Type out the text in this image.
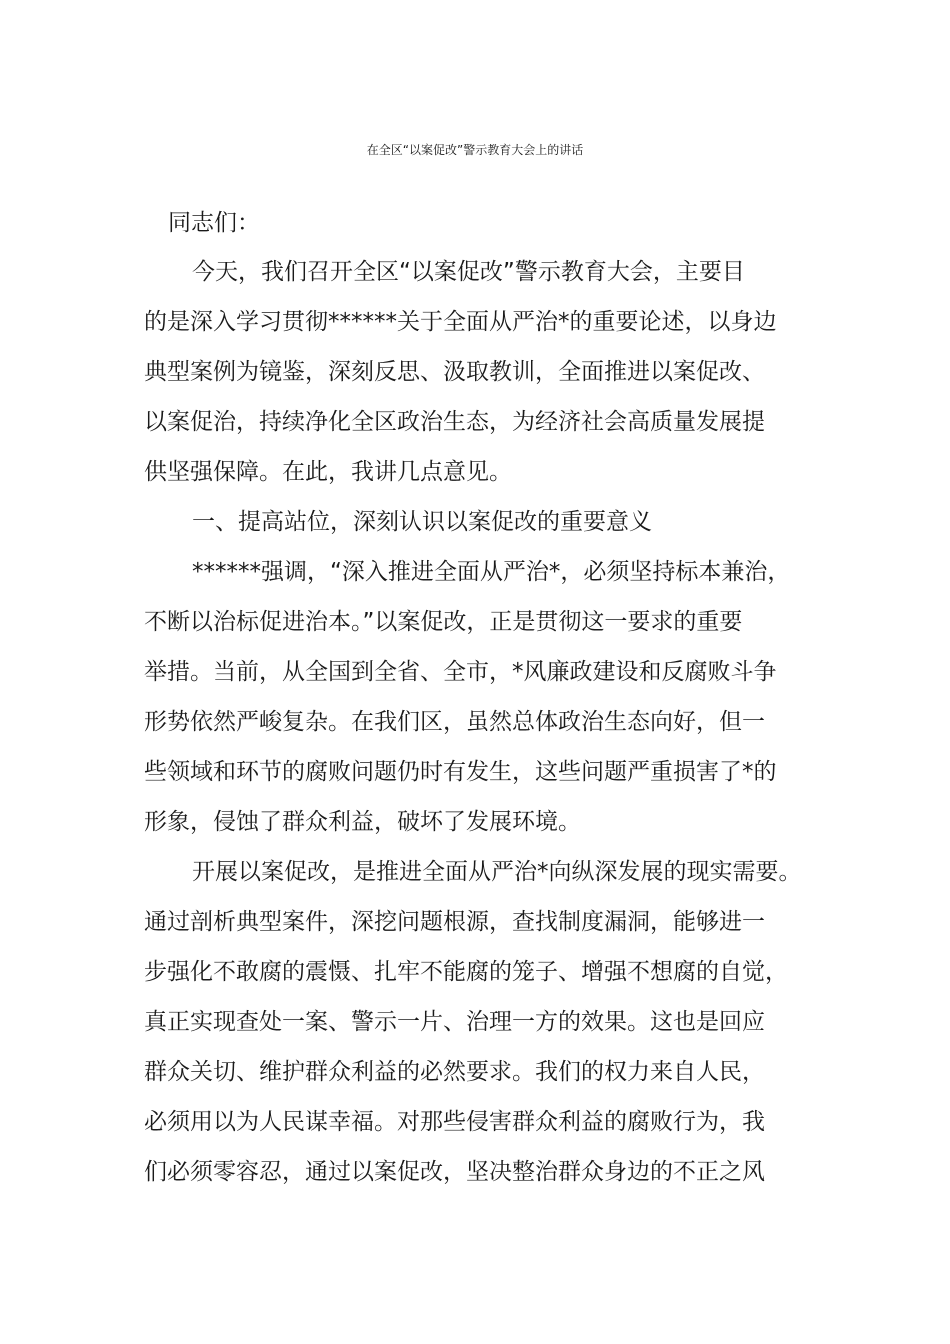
在全区“以案促改”警示教育大会上的讲话
同志们：
今天，我们召开全区“以案促改”警示教育大会，主要目
的是深入学习贯彻******关于全面从严治*的重要论述，以身边
典型案例为镜鉴，深刻反思、汲取教训，全面推进以案促改、
以案促治，持续净化全区政治生态，为经济社会高质量发展提
供坚强保障。在此，我讲几点意见。
一、提高站位，深刻认识以案促改的重要意义
******强调，“深入推进全面从严治*，必须坚持标本兼治，
不断以治标促进治本。”以案促改，正是贯彻这一要求的重要
举措。当前，从全国到全省、全市，*风廉政建设和反腐败斗争
形势依然严峻复杂。在我们区，虽然总体政治生态向好，但一
些领域和环节的腐败问题仍时有发生，这些问题严重损害了*的
形象，侵蚀了群众利益，破坏了发展环境。
开展以案促改，是推进全面从严治*向纵深发展的现实需要。
通过剖析典型案件，深挖问题根源，查找制度漏洞，能够进一
步强化不敢腐的震慑、扎牢不能腐的笼子、增强不想腐的自觉，
真正实现查处一案、警示一片、治理一方的效果。这也是回应
群众关切、维护群众利益的必然要求。我们的权力来自人民，
必须用以为人民谋幸福。对那些侵害群众利益的腐败行为，我
们必须零容忍，通过以案促改，坚决整治群众身边的不正之风
